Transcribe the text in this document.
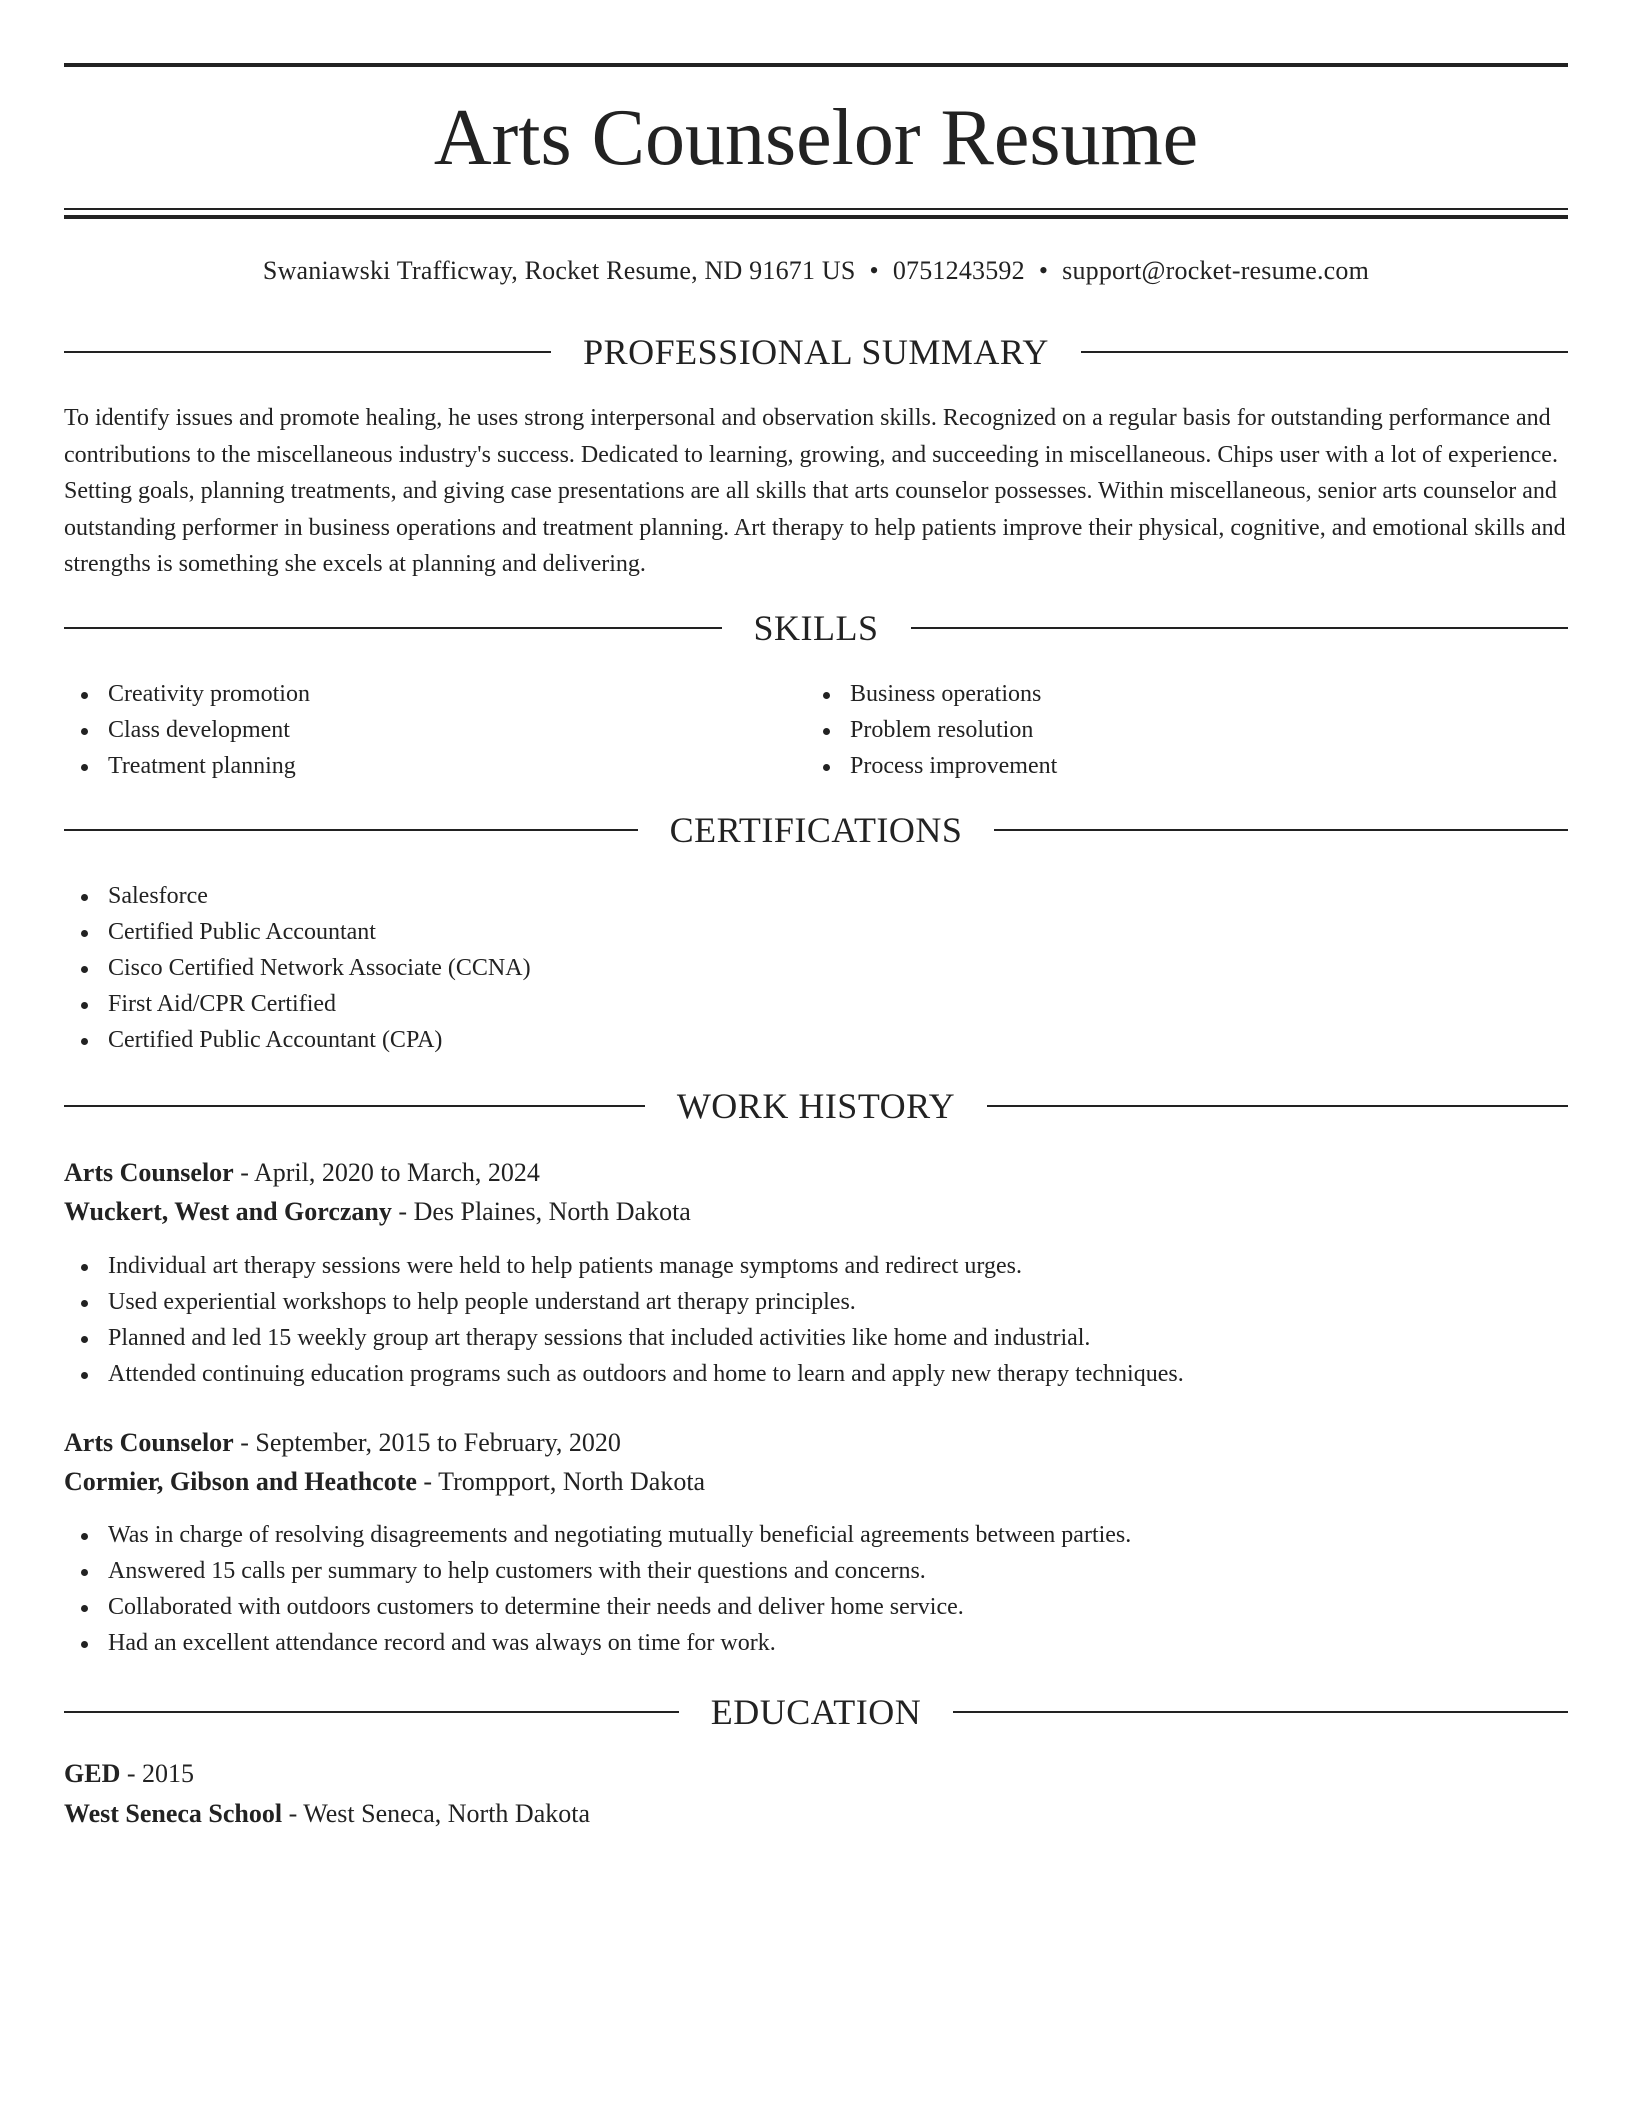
Arts Counselor Resume
Swaniawski Trafficway, Rocket Resume, ND 91671 US • 0751243592 • support@rocket-resume.com
PROFESSIONAL SUMMARY

To identify issues and promote healing, he uses strong interpersonal and observation skills. Recognized on a regular basis for outstanding performance and contributions to the miscellaneous industry's success. Dedicated to learning, growing, and succeeding in miscellaneous. Chips user with a lot of experience. Setting goals, planning treatments, and giving case presentations are all skills that arts counselor possesses. Within miscellaneous, senior arts counselor and outstanding performer in business operations and treatment planning. Art therapy to help patients improve their physical, cognitive, and emotional skills and strengths is something she excels at planning and delivering.

SKILLS
Creativity promotion
Class development
Treatment planning
Business operations
Problem resolution
Process improvement
CERTIFICATIONS
Salesforce
Certified Public Accountant
Cisco Certified Network Associate (CCNA)
First Aid/CPR Certified
Certified Public Accountant (CPA)
WORK HISTORY
Arts Counselor - April, 2020 to March, 2024
Wuckert, West and Gorczany - Des Plaines, North Dakota
Individual art therapy sessions were held to help patients manage symptoms and redirect urges.
Used experiential workshops to help people understand art therapy principles.
Planned and led 15 weekly group art therapy sessions that included activities like home and industrial.
Attended continuing education programs such as outdoors and home to learn and apply new therapy techniques.
Arts Counselor - September, 2015 to February, 2020
Cormier, Gibson and Heathcote - Trompport, North Dakota
Was in charge of resolving disagreements and negotiating mutually beneficial agreements between parties.
Answered 15 calls per summary to help customers with their questions and concerns.
Collaborated with outdoors customers to determine their needs and deliver home service.
Had an excellent attendance record and was always on time for work.
EDUCATION
GED - 2015
West Seneca School - West Seneca, North Dakota
